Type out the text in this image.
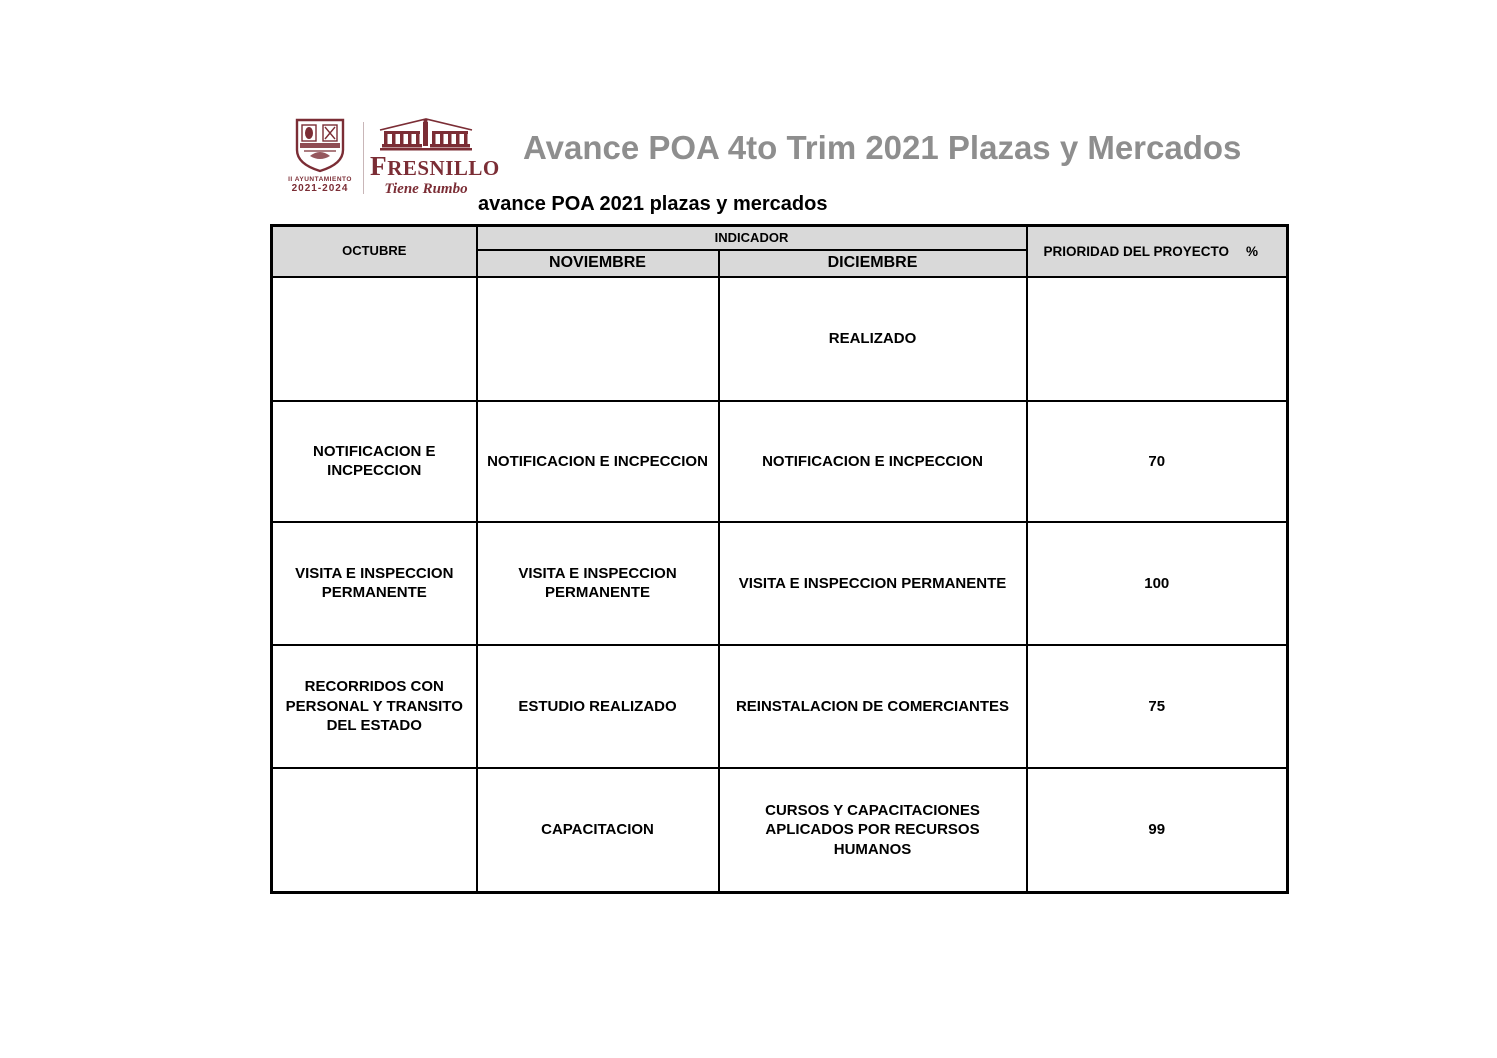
II AYUNTAMIENTO
2021-2024
FRESNILLO
Tiene Rumbo
Avance POA 4to Trim 2021 Plazas y Mercados
avance POA 2021 plazas y mercados
OCTUBRE	INDICADOR		PRIORIDAD DEL PROYECTO %

	NOVIEMBRE	DICIEMBRE	
		REALIZADO	
NOTIFICACION E INCPECCION	NOTIFICACION E INCPECCION	NOTIFICACION E INCPECCION	70
VISITA E INSPECCION PERMANENTE	VISITA E INSPECCION PERMANENTE	VISITA E INSPECCION PERMANENTE	100
RECORRIDOS CON PERSONAL Y TRANSITO DEL ESTADO	ESTUDIO REALIZADO	REINSTALACION DE COMERCIANTES	75
	CAPACITACION	CURSOS Y CAPACITACIONES APLICADOS POR RECURSOS HUMANOS	99
